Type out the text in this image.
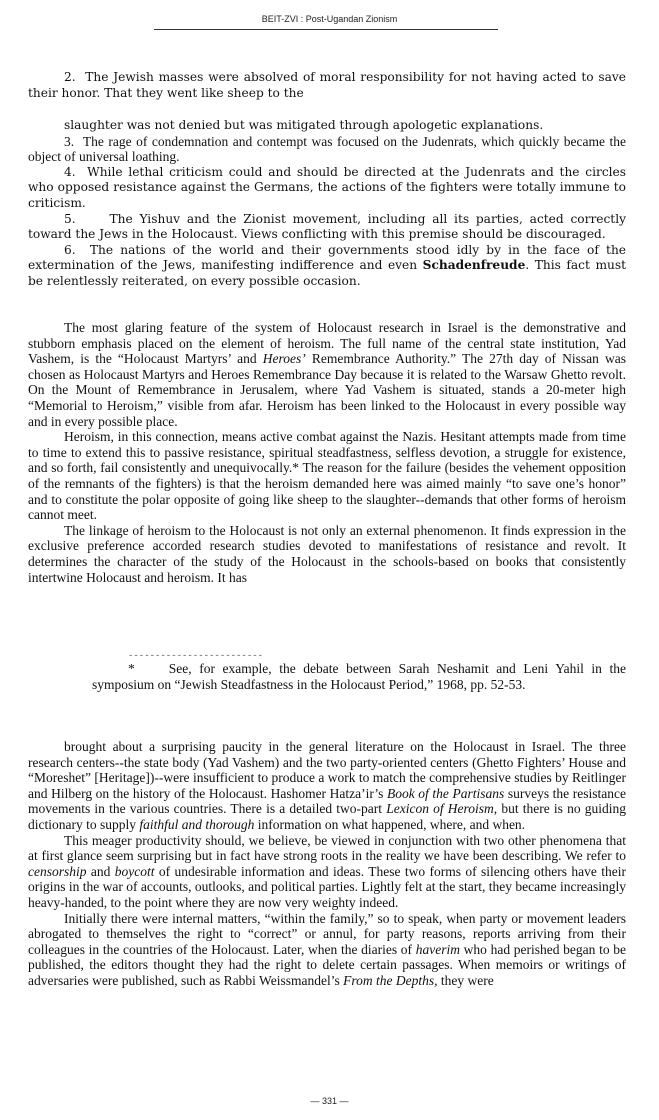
BEIT-ZVI : Post-Ugandan Zionism

2. The Jewish masses were absolved of moral responsibility for not having acted to save their honor. That they went like sheep to the

slaughter was not denied but was mitigated through apologetic explanations.

3. The rage of condemnation and contempt was focused on the Judenrats, which quickly became the object of universal loathing.

4. While lethal criticism could and should be directed at the Judenrats and the circles who opposed resistance against the Germans, the actions of the fighters were totally immune to criticism.

5.	The Yishuv and the Zionist movement, including all its parties, acted correctly toward the Jews in the Holocaust. Views conflicting with this premise should be discouraged.

6. The nations of the world and their governments stood idly by in the face of the extermination of the Jews, manifesting indifference and even Schadenfreude. This fact must be relentlessly reiterated, on every possible occasion.

The most glaring feature of the system of Holocaust research in Israel is the demonstrative and stubborn emphasis placed on the element of heroism. The full name of the central state institution, Yad Vashem, is the “Holocaust Martyrs’ and Heroes’ Remembrance Authority.” The 27th day of Nissan was chosen as Holocaust Martyrs and Heroes Remembrance Day because it is related to the Warsaw Ghetto revolt. On the Mount of Remembrance in Jerusalem, where Yad Vashem is situated, stands a 20-meter high “Memorial to Heroism,” visible from afar. Heroism has been linked to the Holocaust in every possible way and in every possible place.

Heroism, in this connection, means active combat against the Nazis. Hesitant attempts made from time to time to extend this to passive resistance, spiritual steadfastness, selfless devotion, a struggle for existence, and so forth, fail consistently and unequivocally.* The reason for the failure (besides the vehement opposition of the remnants of the fighters) is that the heroism demanded here was aimed mainly “to save one’s honor” and to constitute the polar opposite of going like sheep to the slaughter--demands that other forms of heroism cannot meet.

The linkage of heroism to the Holocaust is not only an external phenomenon. It finds expression in the exclusive preference accorded research studies devoted to manifestations of resistance and revolt. It determines the character of the study of the Holocaust in the schools-based on books that consistently intertwine Holocaust and heroism. It has

-------------------------
*	See, for example, the debate between Sarah Neshamit and Leni Yahil in the symposium on “Jewish Steadfastness in the Holocaust Period,” 1968, pp. 52-53.

brought about a surprising paucity in the general literature on the Holocaust in Israel. The three research centers--the state body (Yad Vashem) and the two party-oriented centers (Ghetto Fighters’ House and “Moreshet” [Heritage])--were insufficient to produce a work to match the comprehensive studies by Reitlinger and Hilberg on the history of the Holocaust. Hashomer Hatza’ir’s Book of the Partisans surveys the resistance movements in the various countries. There is a detailed two-part Lexicon of Heroism, but there is no guiding dictionary to supply faithful and thorough information on what happened, where, and when.

This meager productivity should, we believe, be viewed in conjunction with two other phenomena that at first glance seem surprising but in fact have strong roots in the reality we have been describing. We refer to censorship and boycott of undesirable information and ideas. These two forms of silencing others have their origins in the war of accounts, outlooks, and political parties. Lightly felt at the start, they became increasingly heavy-handed, to the point where they are now very weighty indeed.

Initially there were internal matters, “within the family,” so to speak, when party or movement leaders abrogated to themselves the right to “correct” or annul, for party reasons, reports arriving from their colleagues in the countries of the Holocaust. Later, when the diaries of haverim who had perished began to be published, the editors thought they had the right to delete certain passages. When memoirs or writings of adversaries were published, such as Rabbi Weissmandel’s From the Depths, they were

— 331 —
